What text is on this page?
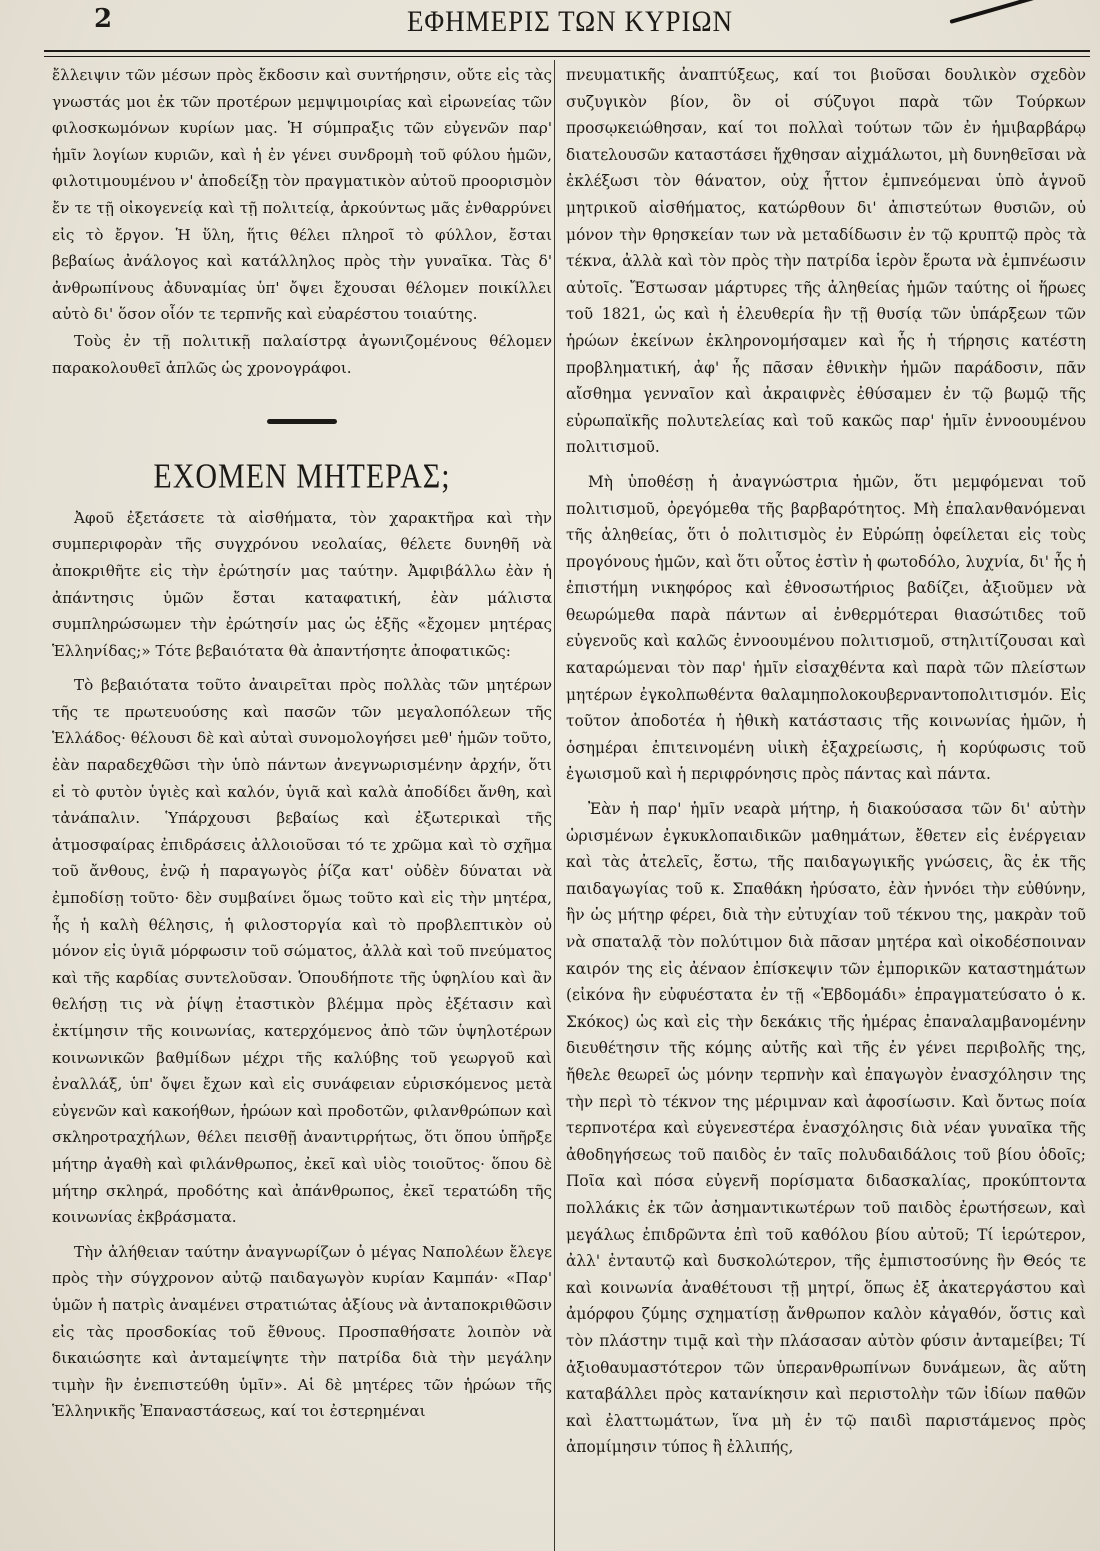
2	ΕΦΗΜΕΡΙΣ ΤΩΝ ΚΥΡΙΩΝ

ἔλλειψιν τῶν μέσων πρὸς ἔκδοσιν καὶ συντήρησιν, οὔτε εἰς τὰς γνωστάς μοι ἐκ τῶν προτέρων μεμψιμοιρίας καὶ εἰρωνείας τῶν φιλοσκωμόνων κυρίων μας. Ἡ σύμπραξις τῶν εὐγενῶν παρ' ἡμῖν λογίων κυριῶν, καὶ ἡ ἐν γένει συνδρομὴ τοῦ φύλου ἡμῶν, φιλοτιμουμένου ν' ἀποδείξῃ τὸν πραγματικὸν αὐτοῦ προορισμὸν ἔν τε τῇ οἰκογενείᾳ καὶ τῇ πολιτείᾳ, ἀρκούντως μᾶς ἐνθαρρύνει εἰς τὸ ἔργον. Ἡ ὕλη, ἥτις θέλει πληροῖ τὸ φύλλον, ἔσται βεβαίως ἀνάλογος καὶ κατάλληλος πρὸς τὴν γυναῖκα. Τὰς δ' ἀνθρωπίνους ἀδυναμίας ὑπ' ὄψει ἔχουσαι θέλομεν ποικίλλει αὐτὸ δι' ὅσον οἷόν τε τερπνῆς καὶ εὐαρέστου τοιαύτης.

Τοὺς ἐν τῇ πολιτικῇ παλαίστρᾳ ἀγωνιζομένους θέλομεν παρακολουθεῖ ἁπλῶς ὡς χρονογράφοι.

ΕΧΟΜΕΝ ΜΗΤΕΡΑΣ;

Ἀφοῦ ἐξετάσετε τὰ αἰσθήματα, τὸν χαρακτῆρα καὶ τὴν συμπεριφορὰν τῆς συγχρόνου νεολαίας, θέλετε δυνηθῆ νὰ ἀποκριθῆτε εἰς τὴν ἐρώτησίν μας ταύτην. Ἀμφιβάλλω ἐὰν ἡ ἀπάντησις ὑμῶν ἔσται καταφατική, ἐὰν μάλιστα συμπληρώσωμεν τὴν ἐρώτησίν μας ὡς ἑξῆς «ἔχομεν μητέρας Ἑλληνίδας;» Τότε βεβαιότατα θὰ ἀπαντήσητε ἀποφατικῶς:

Τὸ βεβαιότατα τοῦτο ἀναιρεῖται πρὸς πολλὰς τῶν μητέρων τῆς τε πρωτευούσης καὶ πασῶν τῶν μεγαλοπόλεων τῆς Ἑλλάδος· θέλουσι δὲ καὶ αὐταὶ συνομολογήσει μεθ' ἡμῶν τοῦτο, ἐὰν παραδεχθῶσι τὴν ὑπὸ πάντων ἀνεγνωρισμένην ἀρχήν, ὅτι εἰ τὸ φυτὸν ὑγιὲς καὶ καλόν, ὑγιᾶ καὶ καλὰ ἀποδίδει ἄνθη, καὶ τἀνάπαλιν. Ὑπάρχουσι βεβαίως καὶ ἐξωτερικαὶ τῆς ἀτμοσφαίρας ἐπιδράσεις ἀλλοιοῦσαι τό τε χρῶμα καὶ τὸ σχῆμα τοῦ ἄνθους, ἐνῷ ἡ παραγωγὸς ῥίζα κατ' οὐδὲν δύναται νὰ ἐμποδίσῃ τοῦτο· δὲν συμβαίνει ὅμως τοῦτο καὶ εἰς τὴν μητέρα, ἧς ἡ καλὴ θέλησις, ἡ φιλοστοργία καὶ τὸ προβλεπτικὸν οὐ μόνον εἰς ὑγιᾶ μόρφωσιν τοῦ σώματος, ἀλλὰ καὶ τοῦ πνεύματος καὶ τῆς καρδίας συντελοῦσαν. Ὁπουδήποτε τῆς ὑφηλίου καὶ ἂν θελήσῃ τις νὰ ῥίψῃ ἐταστικὸν βλέμμα πρὸς ἐξέτασιν καὶ ἐκτίμησιν τῆς κοινωνίας, κατερχόμενος ἀπὸ τῶν ὑψηλοτέρων κοινωνικῶν βαθμίδων μέχρι τῆς καλύβης τοῦ γεωργοῦ καὶ ἐναλλάξ, ὑπ' ὄψει ἔχων καὶ εἰς συνάφειαν εὑρισκόμενος μετὰ εὐγενῶν καὶ κακοήθων, ἡρώων καὶ προδοτῶν, φιλανθρώπων καὶ σκληροτραχήλων, θέλει πεισθῇ ἀναντιρρήτως, ὅτι ὅπου ὑπῆρξε μήτηρ ἀγαθὴ καὶ φιλάνθρωπος, ἐκεῖ καὶ υἱὸς τοιοῦτος· ὅπου δὲ μήτηρ σκληρά, προδότης καὶ ἀπάνθρωπος, ἐκεῖ τερατώδη τῆς κοινωνίας ἐκβράσματα.

Τὴν ἀλήθειαν ταύτην ἀναγνωρίζων ὁ μέγας Ναπολέων ἔλεγε πρὸς τὴν σύγχρονον αὐτῷ παιδαγωγὸν κυρίαν Καμπάν· «Παρ' ὑμῶν ἡ πατρὶς ἀναμένει στρατιώτας ἀξίους νὰ ἀνταποκριθῶσιν εἰς τὰς προσδοκίας τοῦ ἔθνους. Προσπαθήσατε λοιπὸν νὰ δικαιώσητε καὶ ἀνταμείψητε τὴν πατρίδα διὰ τὴν μεγάλην τιμὴν ἣν ἐνεπιστεύθη ὑμῖν». Αἱ δὲ μητέρες τῶν ἡρώων τῆς Ἑλληνικῆς Ἐπαναστάσεως, καί τοι ἐστερημέναι

πνευματικῆς ἀναπτύξεως, καί τοι βιοῦσαι δουλικὸν σχεδὸν συζυγικὸν βίον, ὃν οἱ σύζυγοι παρὰ τῶν Τούρκων προσῳκειώθησαν, καί τοι πολλαὶ τούτων τῶν ἐν ἡμιβαρβάρῳ διατελουσῶν καταστάσει ἤχθησαν αἰχμάλωτοι, μὴ δυνηθεῖσαι νὰ ἐκλέξωσι τὸν θάνατον, οὐχ ἧττον ἐμπνεόμεναι ὑπὸ ἁγνοῦ μητρικοῦ αἰσθήματος, κατώρθουν δι' ἀπιστεύτων θυσιῶν, οὐ μόνον τὴν θρησκείαν των νὰ μεταδίδωσιν ἐν τῷ κρυπτῷ πρὸς τὰ τέκνα, ἀλλὰ καὶ τὸν πρὸς τὴν πατρίδα ἱερὸν ἔρωτα νὰ ἐμπνέωσιν αὐτοῖς. Ἔστωσαν μάρτυρες τῆς ἀληθείας ἡμῶν ταύτης οἱ ἥρωες τοῦ 1821, ὡς καὶ ἡ ἐλευθερία ἣν τῇ θυσίᾳ τῶν ὑπάρξεων τῶν ἡρώων ἐκείνων ἐκληρονομήσαμεν καὶ ἧς ἡ τήρησις κατέστη προβληματική, ἀφ' ἧς πᾶσαν ἐθνικὴν ἡμῶν παράδοσιν, πᾶν αἴσθημα γενναῖον καὶ ἀκραιφνὲς ἐθύσαμεν ἐν τῷ βωμῷ τῆς εὐρωπαϊκῆς πολυτελείας καὶ τοῦ κακῶς παρ' ἡμῖν ἐννοουμένου πολιτισμοῦ.

Μὴ ὑποθέσῃ ἡ ἀναγνώστρια ἡμῶν, ὅτι μεμφόμεναι τοῦ πολιτισμοῦ, ὀρεγόμεθα τῆς βαρβαρότητος. Μὴ ἐπαλανθανόμεναι τῆς ἀληθείας, ὅτι ὁ πολιτισμὸς ἐν Εὐρώπῃ ὀφείλεται εἰς τοὺς προγόνους ἡμῶν, καὶ ὅτι οὗτος ἐστὶν ἡ φωτοδόλο, λυχνία, δι' ἧς ἡ ἐπιστήμη νικηφόρος καὶ ἐθνοσωτήριος βαδίζει, ἀξιοῦμεν νὰ θεωρώμεθα παρὰ πάντων αἱ ἐνθερμότεραι θιασώτιδες τοῦ εὐγενοῦς καὶ καλῶς ἐννοουμένου πολιτισμοῦ, στηλιτίζουσαι καὶ καταρώμεναι τὸν παρ' ἡμῖν εἰσαχθέντα καὶ παρὰ τῶν πλείστων μητέρων ἐγκολπωθέντα θαλαμηπολοκουβερναντοπολιτισμόν. Εἰς τοῦτον ἀποδοτέα ἡ ἠθικὴ κατάστασις τῆς κοινωνίας ἡμῶν, ἡ ὁσημέραι ἐπιτεινομένη υἱικὴ ἐξαχρείωσις, ἡ κορύφωσις τοῦ ἐγωισμοῦ καὶ ἡ περιφρόνησις πρὸς πάντας καὶ πάντα.

Ἐὰν ἡ παρ' ἡμῖν νεαρὰ μήτηρ, ἡ διακούσασα τῶν δι' αὐτὴν ὡρισμένων ἐγκυκλοπαιδικῶν μαθημάτων, ἔθετεν εἰς ἐνέργειαν καὶ τὰς ἀτελεῖς, ἔστω, τῆς παιδαγωγικῆς γνώσεις, ἃς ἐκ τῆς παιδαγωγίας τοῦ κ. Σπαθάκη ἠρύσατο, ἐὰν ἠννόει τὴν εὐθύνην, ἣν ὡς μήτηρ φέρει, διὰ τὴν εὐτυχίαν τοῦ τέκνου της, μακρὰν τοῦ νὰ σπαταλᾷ τὸν πολύτιμον διὰ πᾶσαν μητέρα καὶ οἰκοδέσποιναν καιρόν της εἰς ἀέναον ἐπίσκεψιν τῶν ἐμπορικῶν καταστημάτων (εἰκόνα ἣν εὐφυέστατα ἐν τῇ «Ἑβδομάδι» ἐπραγματεύσατο ὁ κ. Σκόκος) ὡς καὶ εἰς τὴν δεκάκις τῆς ἡμέρας ἐπαναλαμβανομένην διευθέτησιν τῆς κόμης αὐτῆς καὶ τῆς ἐν γένει περιβολῆς της, ἤθελε θεωρεῖ ὡς μόνην τερπνὴν καὶ ἐπαγωγὸν ἐνασχόλησιν της τὴν περὶ τὸ τέκνον της μέριμναν καὶ ἀφοσίωσιν. Καὶ ὄντως ποία τερπνοτέρα καὶ εὐγενεστέρα ἐνασχόλησις διὰ νέαν γυναῖκα τῆς ἀθοδηγήσεως τοῦ παιδὸς ἐν ταῖς πολυδαιδάλοις τοῦ βίου ὁδοῖς; Ποῖα καὶ πόσα εὐγενῆ πορίσματα διδασκαλίας, προκύπτοντα πολλάκις ἐκ τῶν ἀσημαντικωτέρων τοῦ παιδὸς ἐρωτήσεων, καὶ μεγάλως ἐπιδρῶντα ἐπὶ τοῦ καθόλου βίου αὐτοῦ; Τί ἱερώτερον, ἀλλ' ἐνταυτῷ καὶ δυσκολώτερον, τῆς ἐμπιστοσύνης ἣν Θεός τε καὶ κοινωνία ἀναθέτουσι τῇ μητρί, ὅπως ἐξ ἀκατεργάστου καὶ ἀμόρφου ζύμης σχηματίσῃ ἄνθρωπον καλὸν κἀγαθόν, ὅστις καὶ τὸν πλάστην τιμᾷ καὶ τὴν πλάσασαν αὐτὸν φύσιν ἀνταμείβει; Τί ἀξιοθαυμαστότερον τῶν ὑπερανθρωπίνων δυνάμεων, ἃς αὕτη καταβάλλει πρὸς κατανίκησιν καὶ περιστολὴν τῶν ἰδίων παθῶν καὶ ἐλαττωμάτων, ἵνα μὴ ἐν τῷ παιδὶ παριστάμενος πρὸς ἀπομίμησιν τύπος ἢ ἐλλιπής,
